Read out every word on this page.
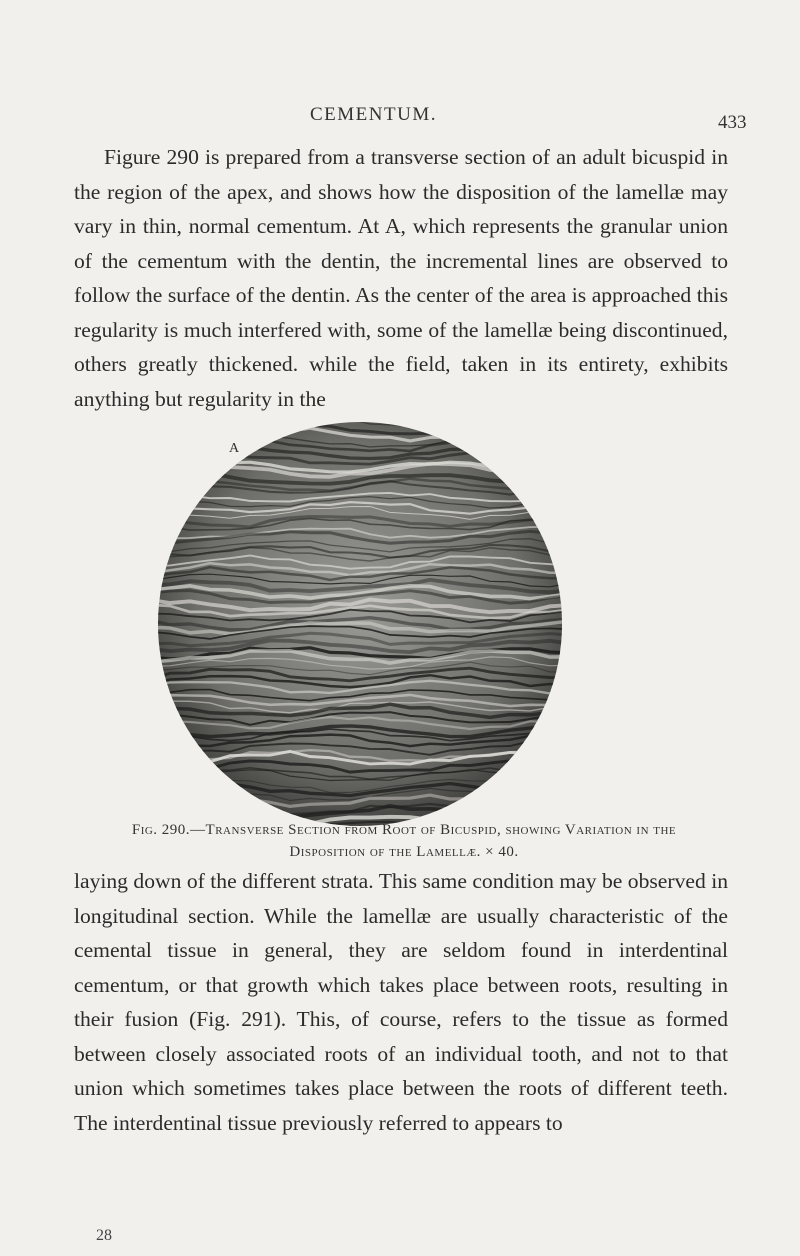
CEMENTUM.	433

Figure 290 is prepared from a transverse section of an adult bicuspid in the region of the apex, and shows how the disposition of the lamellæ may vary in thin, normal cementum. At A, which represents the granular union of the cementum with the dentin, the incremental lines are observed to follow the surface of the dentin. As the center of the area is approached this regularity is much interfered with, some of the lamellæ being discontinued, others greatly thickened. while the field, taken in its entirety, exhibits anything but regularity in the

A

Fig. 290.—Transverse Section from Root of Bicuspid, showing Variation in the
Disposition of the Lamellæ. × 40.

laying down of the different strata. This same condition may be observed in longitudinal section. While the lamellæ are usually characteristic of the cemental tissue in general, they are seldom found in interdentinal cementum, or that growth which takes place between roots, resulting in their fusion (Fig. 291). This, of course, refers to the tissue as formed between closely associated roots of an individual tooth, and not to that union which sometimes takes place between the roots of different teeth. The interdentinal tissue previously referred to appears to

28
